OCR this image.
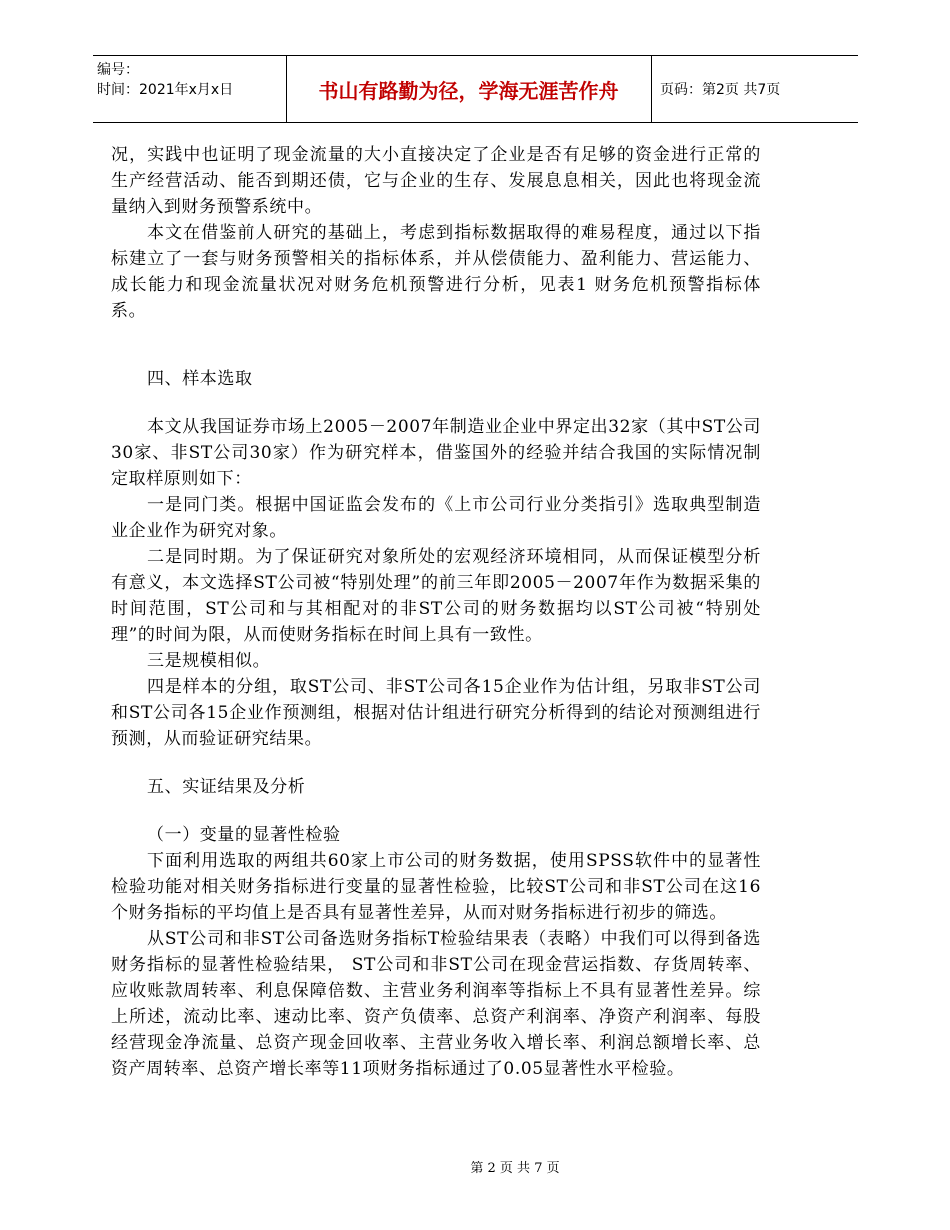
编号：
时间：2021年x月x日	书山有路勤为径，学海无涯苦作舟	页码：第2页 共7页

况，实践中也证明了现金流量的大小直接决定了企业是否有足够的资金进行正常的生产经营活动、能否到期还债，它与企业的生存、发展息息相关，因此也将现金流量纳入到财务预警系统中。

本文在借鉴前人研究的基础上，考虑到指标数据取得的难易程度，通过以下指标建立了一套与财务预警相关的指标体系，并从偿债能力、盈利能力、营运能力、成长能力和现金流量状况对财务危机预警进行分析，见表1 财务危机预警指标体系。

四、样本选取

本文从我国证券市场上2005－2007年制造业企业中界定出32家（其中ST公司30家、非ST公司30家）作为研究样本，借鉴国外的经验并结合我国的实际情况制定取样原则如下：

一是同门类。根据中国证监会发布的《上市公司行业分类指引》选取典型制造业企业作为研究对象。

二是同时期。为了保证研究对象所处的宏观经济环境相同，从而保证模型分析有意义，本文选择ST公司被“特别处理”的前三年即2005－2007年作为数据采集的时间范围，ST公司和与其相配对的非ST公司的财务数据均以ST公司被“特别处理”的时间为限，从而使财务指标在时间上具有一致性。

三是规模相似。

四是样本的分组，取ST公司、非ST公司各15企业作为估计组，另取非ST公司和ST公司各15企业作预测组，根据对估计组进行研究分析得到的结论对预测组进行预测，从而验证研究结果。

五、实证结果及分析

（一）变量的显著性检验

下面利用选取的两组共60家上市公司的财务数据，使用SPSS软件中的显著性检验功能对相关财务指标进行变量的显著性检验，比较ST公司和非ST公司在这16个财务指标的平均值上是否具有显著性差异，从而对财务指标进行初步的筛选。

从ST公司和非ST公司备选财务指标T检验结果表（表略）中我们可以得到备选财务指标的显著性检验结果， ST公司和非ST公司在现金营运指数、存货周转率、应收账款周转率、利息保障倍数、主营业务利润率等指标上不具有显著性差异。综上所述，流动比率、速动比率、资产负债率、总资产利润率、净资产利润率、每股经营现金净流量、总资产现金回收率、主营业务收入增长率、利润总额增长率、总资产周转率、总资产增长率等11项财务指标通过了0.05显著性水平检验。

第 2 页 共 7 页
